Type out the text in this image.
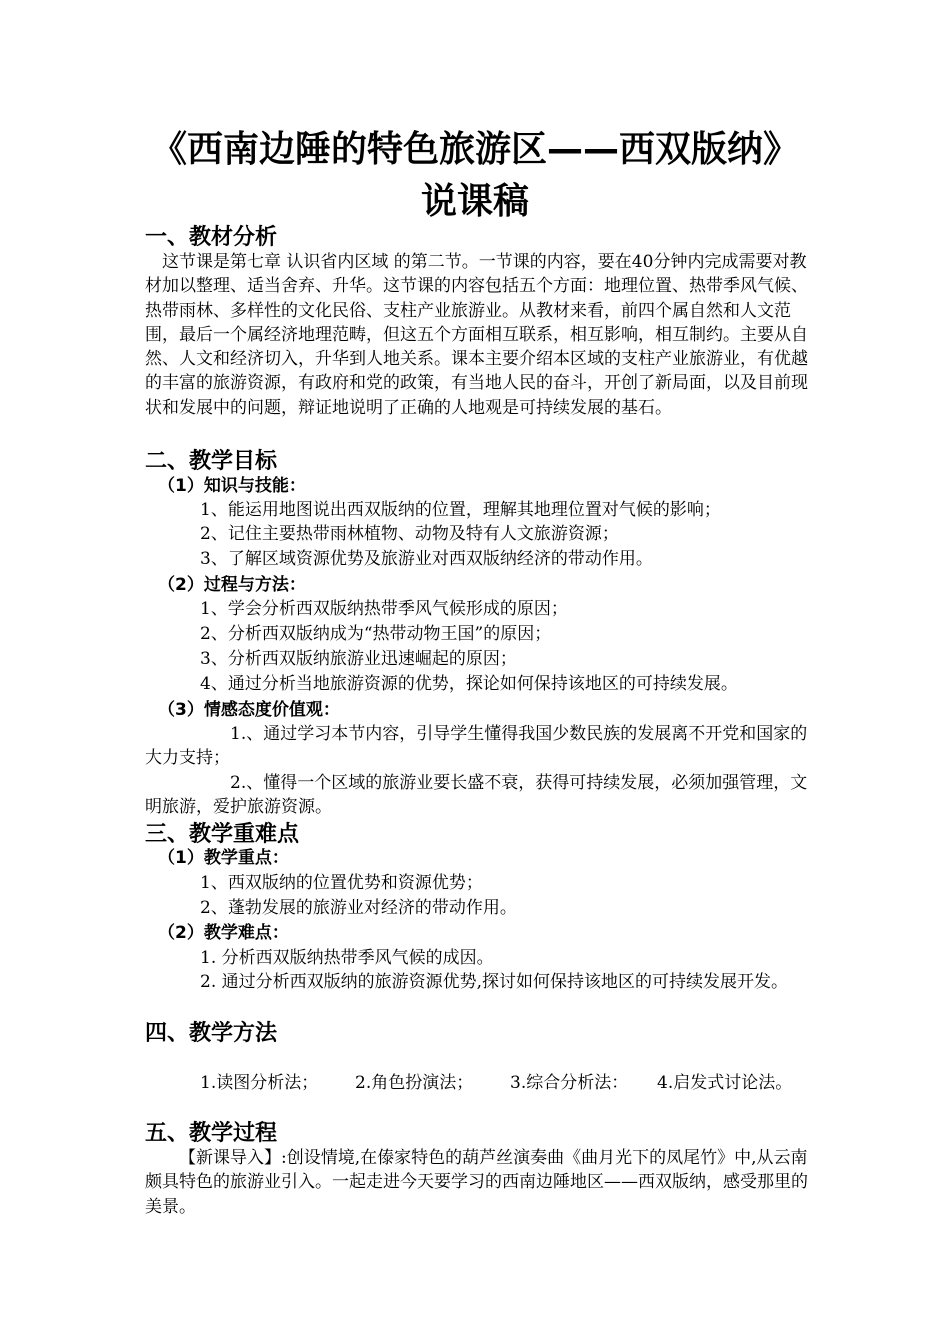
《西南边陲的特色旅游区——西双版纳》
说课稿
一、教材分析
这节课是第七章 认识省内区域 的第二节。一节课的内容，要在40分钟内完成需要对教材加以整理、适当舍弃、升华。这节课的内容包括五个方面：地理位置、热带季风气候、热带雨林、多样性的文化民俗、支柱产业旅游业。从教材来看，前四个属自然和人文范围，最后一个属经济地理范畴，但这五个方面相互联系，相互影响，相互制约。主要从自然、人文和经济切入，升华到人地关系。课本主要介绍本区域的支柱产业旅游业，有优越的丰富的旅游资源，有政府和党的政策，有当地人民的奋斗，开创了新局面，以及目前现状和发展中的问题，辩证地说明了正确的人地观是可持续发展的基石。
二、教学目标
（1）知识与技能：
1、能运用地图说出西双版纳的位置，理解其地理位置对气候的影响；
2、记住主要热带雨林植物、动物及特有人文旅游资源；
3、了解区域资源优势及旅游业对西双版纳经济的带动作用。
（2）过程与方法：
1、学会分析西双版纳热带季风气候形成的原因；
2、分析西双版纳成为“热带动物王国”的原因；
3、分析西双版纳旅游业迅速崛起的原因；
4、通过分析当地旅游资源的优势，探论如何保持该地区的可持续发展。
（3）情感态度价值观：
1.、通过学习本节内容，引导学生懂得我国少数民族的发展离不开党和国家的大力支持；
2.、懂得一个区域的旅游业要长盛不衰，获得可持续发展，必须加强管理，文明旅游，爱护旅游资源。
三、教学重难点
（1）教学重点：
1、西双版纳的位置优势和资源优势；
2、蓬勃发展的旅游业对经济的带动作用。
（2）教学难点：
1. 分析西双版纳热带季风气候的成因。
2. 通过分析西双版纳的旅游资源优势,探讨如何保持该地区的可持续发展开发。
四、教学方法
1.读图分析法；	2.角色扮演法；	3.综合分析法：	4.启发式讨论法。
五、教学过程
【新课导入】:创设情境,在傣家特色的葫芦丝演奏曲《曲月光下的凤尾竹》中,从云南颇具特色的旅游业引入。一起走进今天要学习的西南边陲地区——西双版纳，感受那里的美景。
